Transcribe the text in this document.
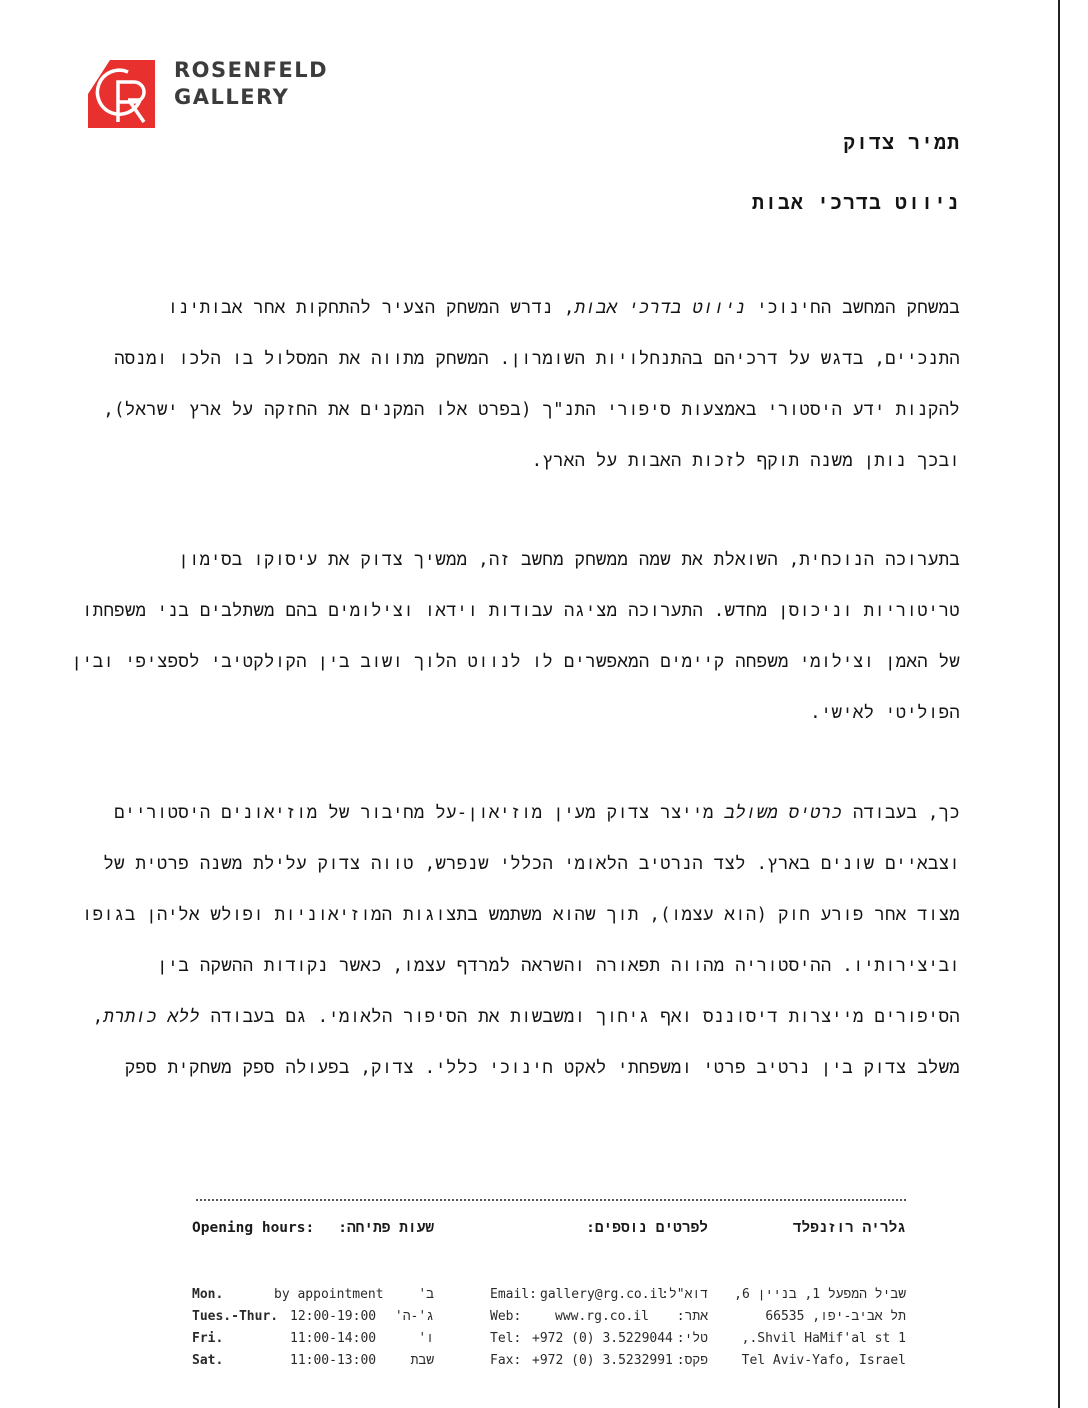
ROSENFELD
GALLERY
תמיר צדוק
ניווט בדרכי אבות
במשחק המחשב החינוכי ניווט בדרכי אבות, נדרש המשחק הצעיר להתחקות אחר אבותינו
התנכיים, בדגש על דרכיהם בהתנחלויות השומרון. המשחק מתווה את המסלול בו הלכו ומנסה
להקנות ידע היסטורי באמצעות סיפורי התנ"ך (בפרט אלו המקנים את החזקה על ארץ ישראל),
ובכך נותן משנה תוקף לזכות האבות על הארץ.
בתערוכה הנוכחית, השואלת את שמה ממשחק מחשב זה, ממשיך צדוק את עיסוקו בסימון
טריטוריות וניכוסן מחדש. התערוכה מציגה עבודות וידאו וצילומים בהם משתלבים בני משפחתו
של האמן וצילומי משפחה קיימים המאפשרים לו לנווט הלוך ושוב בין הקולקטיבי לספציפי ובין
הפוליטי לאישי.
כך, בעבודה כרטיס משולב מייצר צדוק מעין מוזיאון-על מחיבור של מוזיאונים היסטוריים
וצבאיים שונים בארץ. לצד הנרטיב הלאומי הכללי שנפרש, טווה צדוק עלילת משנה פרטית של
מצוד אחר פורע חוק (הוא עצמו), תוך שהוא משתמש בתצוגות המוזיאוניות ופולש אליהן בגופו
וביצירותיו. ההיסטוריה מהווה תפאורה והשראה למרדף עצמו, כאשר נקודות ההשקה בין
הסיפורים מייצרות דיסוננס ואף גיחוך ומשבשות את הסיפור הלאומי. גם בעבודה ללא כותרת,
משלב צדוק בין נרטיב פרטי ומשפחתי לאקט חינוכי כללי. צדוק, בפעולה ספק משחקית ספק
גלריה רוזנפלד
לפרטים נוספים:
Opening hours: שעות פתיחה:
שביל המפעל 1, בניין 6,
תל אביב-יפו, 66535
1 Shvil HaMif'al st.,
Tel Aviv-Yafo, Israel
Email: gallery@rg.co.il
דוא"ל:
Web:	www.rg.co.il אתר:
Tel: +972 (0) 3.5229044 טלי:
Fax: +972 (0) 3.5232991 פקס:
Mon.	by appointment	ב'
Tues.-Thur. 12:00-19:00 ג'-ה'
Fri.	11:00-14:00	ו'
Sat.	11:00-13:00	שבת
